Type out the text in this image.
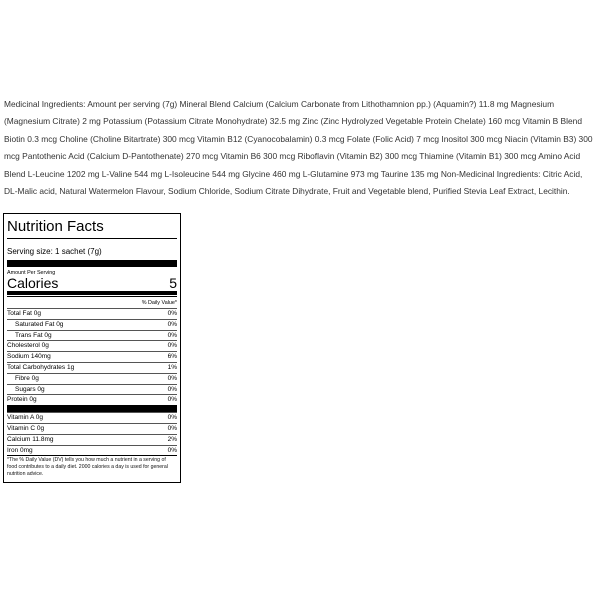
Medicinal Ingredients: Amount per serving (7g) Mineral Blend Calcium (Calcium Carbonate from Lithothamnion pp.) (Aquamin?) 11.8 mg Magnesium (Magnesium Citrate) 2 mg Potassium (Potassium Citrate Monohydrate) 32.5 mg Zinc (Zinc Hydrolyzed Vegetable Protein Chelate) 160 mcg Vitamin B Blend Biotin 0.3 mcg Choline (Choline Bitartrate) 300 mcg Vitamin B12 (Cyanocobalamin) 0.3 mcg Folate (Folic Acid) 7 mcg Inositol 300 mcg Niacin (Vitamin B3) 300 mcg Pantothenic Acid (Calcium D-Pantothenate) 270 mcg Vitamin B6 300 mcg Riboflavin (Vitamin B2) 300 mcg Thiamine (Vitamin B1) 300 mcg Amino Acid Blend L-Leucine 1202 mg L-Valine 544 mg L-Isoleucine 544 mg Glycine 460 mg L-Glutamine 973 mg Taurine 135 mg Non-Medicinal Ingredients: Citric Acid, DL-Malic acid, Natural Watermelon Flavour, Sodium Chloride, Sodium Citrate Dihydrate, Fruit and Vegetable blend, Purified Stevia Leaf Extract, Lecithin.

Nutrition Facts
Serving size: 1 sachet (7g)
Amount Per Serving
Calories	5
% Daily Value*
Total Fat 0g	0%
Saturated Fat 0g	0%
Trans Fat 0g	0%
Cholesterol 0g	0%
Sodium 140mg	6%
Total Carbohydrates 1g	1%
Fibre 0g	0%
Sugars 0g	0%
Protein 0g	0%
Vitamin A 0g	0%
Vitamin C 0g	0%
Calcium 11.8mg	2%
Iron 0mg	0%
*The % Daily Value (DV) tells you how much a nutrient in a serving of food contributes to a daily diet. 2000 calories a day is used for general nutrition advice.
